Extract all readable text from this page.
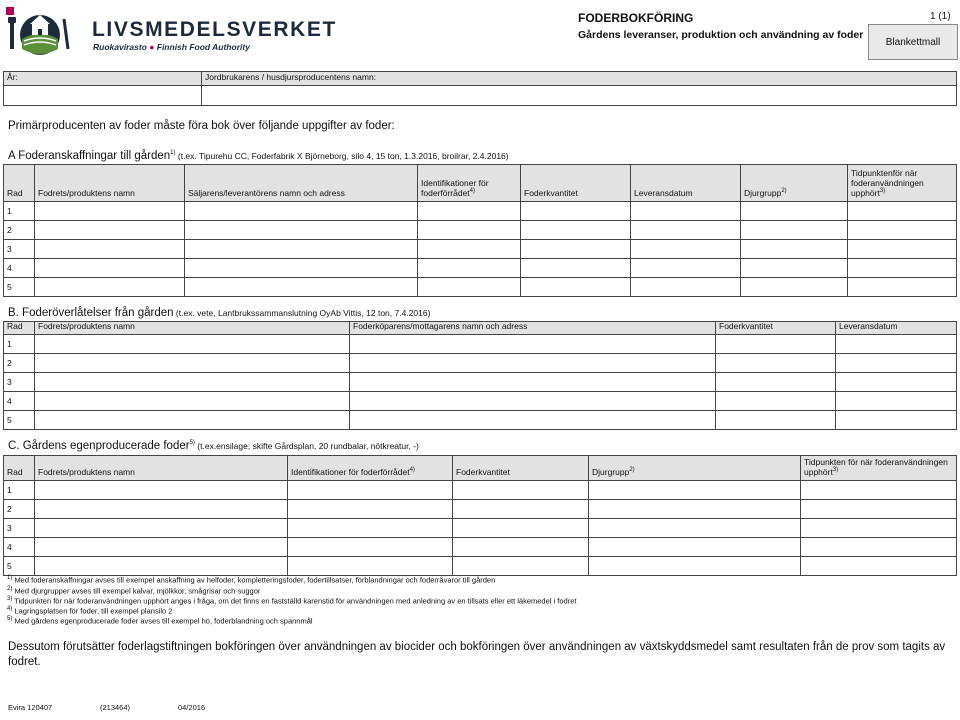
LIVSMEDELSVERKET
Ruokavirasto ● Finnish Food Authority
FODERBOKFÖRING
Gårdens leveranser, produktion och användning av foder
1 (1)
Blankettmall
År:	Jordbrukarens / husdjursproducentens namn:

Primärproducenten av foder måste föra bok över följande uppgifter av foder:
A Foderanskaffningar till gården$^{1)}$ (t.ex. Tipurehu CC, Foderfabrik X Björneborg, silo 4, 15 ton, 1.3.2016, broilrar, 2.4.2016)
Rad	Fodrets/produktens namn	Säljarens/leverantörens namn och adress	Identifikationer för foderförrådet$^{4)}$	Foderkvantitet	Leveransdatum	Djurgrupp$^{2)}$	Tidpunktenför när foderanvändningen upphört$^{3)}$
1							
2							
3							
4							
5							
B. Foderöverlåtelser från gården (t.ex. vete, Lantbrukssammanslutning OyAb Vittis, 12 ton, 7.4.2016)
Rad	Fodrets/produktens namn	Foderköparens/mottagarens namn och adress	Foderkvantitet	Leveransdatum
1				
2				
3				
4				
5				
C. Gårdens egenproducerade foder$^{5)}$ (t.ex.ensilage, skifte Gårdsplan, 20 rundbalar, nötkreatur, -)
Rad	Fodrets/produktens namn	Identifikationer för foderförrådet$^{4)}$	Foderkvantitet	Djurgrupp$^{2)}$	Tidpunkten för när foderanvändningen upphört$^{3)}$
1					
2					
3					
4					
5					
$^{1)}$ Med foderanskaffningar avses till exempel anskaffning av helfoder, kompletteringsfoder, fodertillsatser, förblandningar och foderråvaror till gården
$^{2)}$ Med djurgrupper avses till exempel kalvar, mjölkkor, smågrisar och suggor
$^{3)}$ Tidpunkten för när foderanvändningen upphört anges i fråga, om det finns en fastställd karenstid för användningen med anledning av en tillsats eller ett läkemedel i fodret
$^{4)}$ Lagringsplatsen för foder, till exempel plansilo 2
$^{5)}$ Med gårdens egenproducerade foder avses till exempel hö, foderblandning och spannmål
Dessutom förutsätter foderlagstiftningen bokföringen över användningen av biocider och bokföringen över användningen av växtskyddsmedel samt resultaten från de prov som tagits av fodret.
Evira 120407	(213464)	04/2016
